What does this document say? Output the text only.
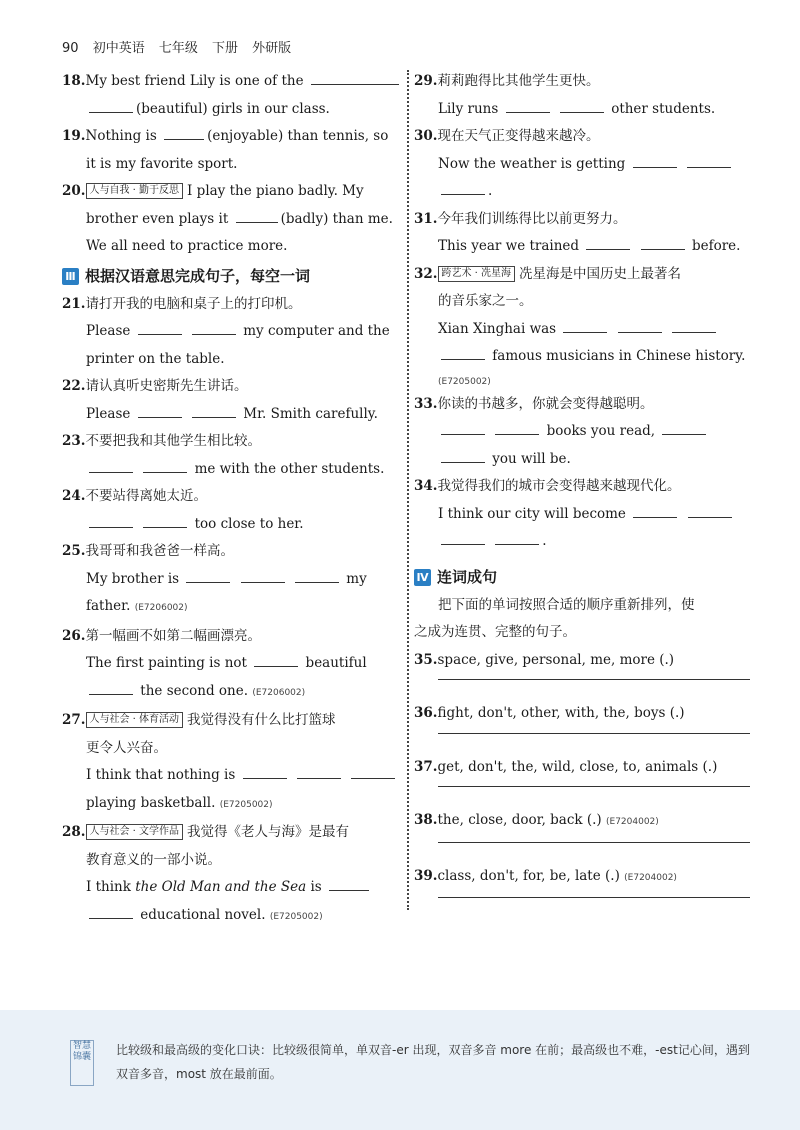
90 初中英语 七年级 下册 外研版
18.My best friend Lily is one of the
(beautiful) girls in our class.
19.Nothing is	(enjoyable) than tennis, so
it is my favorite sport.
20. 人与自我 · 勤于反思 I play the piano badly. My
brother even plays it	(badly) than me.
We all need to practice more.
Ⅲ 根据汉语意思完成句子，每空一词
21.请打开我的电脑和桌子上的打印机。
Please	my computer and the
printer on the table.
22.请认真听史密斯先生讲话。
Please	Mr. Smith carefully.
23.不要把我和其他学生相比较。
me with the other students.
24.不要站得离她太近。
too close to her.
25.我哥哥和我爸爸一样高。
My brother is	my
father. (E7206002)
26.第一幅画不如第二幅画漂亮。
The first painting is not	beautiful
the second one. (E7206002)
27. 人与社会 · 体育活动 我觉得没有什么比打篮球
更令人兴奋。
I think that nothing is
playing basketball. (E7205002)
28. 人与社会 · 文学作品 我觉得《老人与海》是最有
教育意义的一部小说。
I think the Old Man and the Sea is
educational novel. (E7205002)
29.莉莉跑得比其他学生更快。
Lily runs	other students.
30.现在天气正变得越来越冷。
Now the weather is getting
.
31.今年我们训练得比以前更努力。
This year we trained	before.
32. 跨艺术 · 冼星海 冼星海是中国历史上最著名
的音乐家之一。
Xian Xinghai was
famous musicians in Chinese history.
(E7205002)
33.你读的书越多，你就会变得越聪明。
books you read,
you will be.
34.我觉得我们的城市会变得越来越现代化。
I think our city will become
.
Ⅳ 连词成句
把下面的单词按照合适的顺序重新排列，使
之成为连贯、完整的句子。
35.space, give, personal, me, more (.)
36.fight, don't, other, with, the, boys (.)
37.get, don't, the, wild, close, to, animals (.)
38.the, close, door, back (.) (E7204002)
39.class, don't, for, be, late (.) (E7204002)
智慧锦囊 比较级和最高级的变化口诀：比较级很简单，单双音-er 出现，双音多音 more 在前；最高级也不难，-est记心间，遇到双音多音，most 放在最前面。
